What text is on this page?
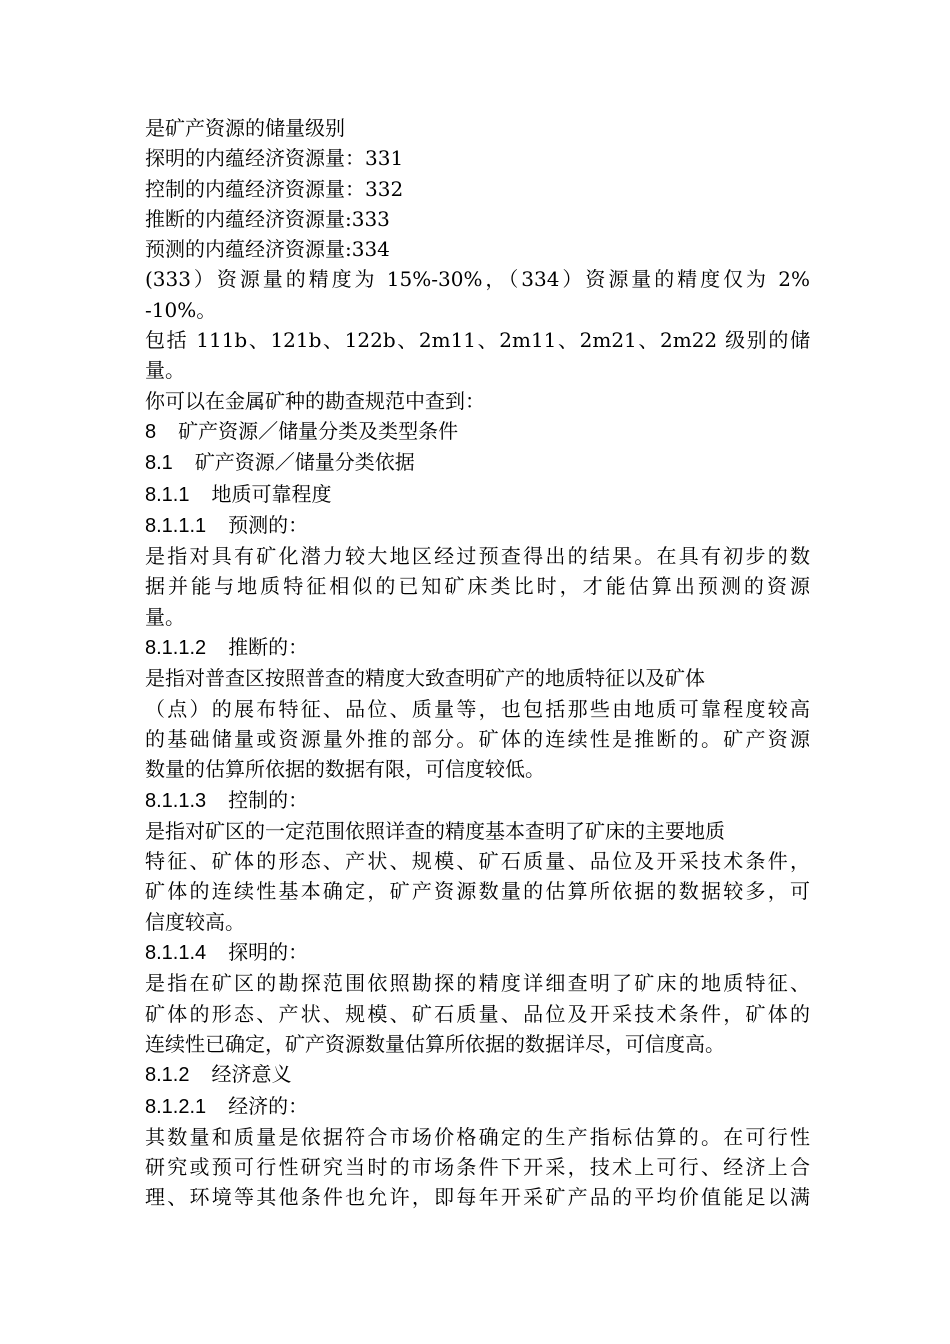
是矿产资源的储量级别
探明的内蕴经济资源量：331
控制的内蕴经济资源量：332
推断的内蕴经济资源量:333
预测的内蕴经济资源量:334
(333）资源量的精度为 15%-30%，（334）资源量的精度仅为 2%
-10%。
包括 111b、121b、122b、2m11、2m11、2m21、2m22 级别的储
量。
你可以在金属矿种的勘查规范中查到：
8 矿产资源／储量分类及类型条件
8.1 矿产资源／储量分类依据
8.1.1 地质可靠程度
8.1.1.1 预测的：
是指对具有矿化潜力较大地区经过预查得出的结果。在具有初步的数
据并能与地质特征相似的已知矿床类比时，才能估算出预测的资源
量。
8.1.1.2 推断的：
是指对普查区按照普查的精度大致查明矿产的地质特征以及矿体
（点）的展布特征、品位、质量等，也包括那些由地质可靠程度较高
的基础储量或资源量外推的部分。矿体的连续性是推断的。矿产资源
数量的估算所依据的数据有限，可信度较低。
8.1.1.3 控制的：
是指对矿区的一定范围依照详查的精度基本查明了矿床的主要地质
特征、矿体的形态、产状、规模、矿石质量、品位及开采技术条件，
矿体的连续性基本确定，矿产资源数量的估算所依据的数据较多，可
信度较高。
8.1.1.4 探明的：
是指在矿区的勘探范围依照勘探的精度详细查明了矿床的地质特征、
矿体的形态、产状、规模、矿石质量、品位及开采技术条件，矿体的
连续性已确定，矿产资源数量估算所依据的数据详尽，可信度高。
8.1.2 经济意义
8.1.2.1 经济的：
其数量和质量是依据符合市场价格确定的生产指标估算的。在可行性
研究或预可行性研究当时的市场条件下开采，技术上可行、经济上合
理、环境等其他条件也允许，即每年开采矿产品的平均价值能足以满
